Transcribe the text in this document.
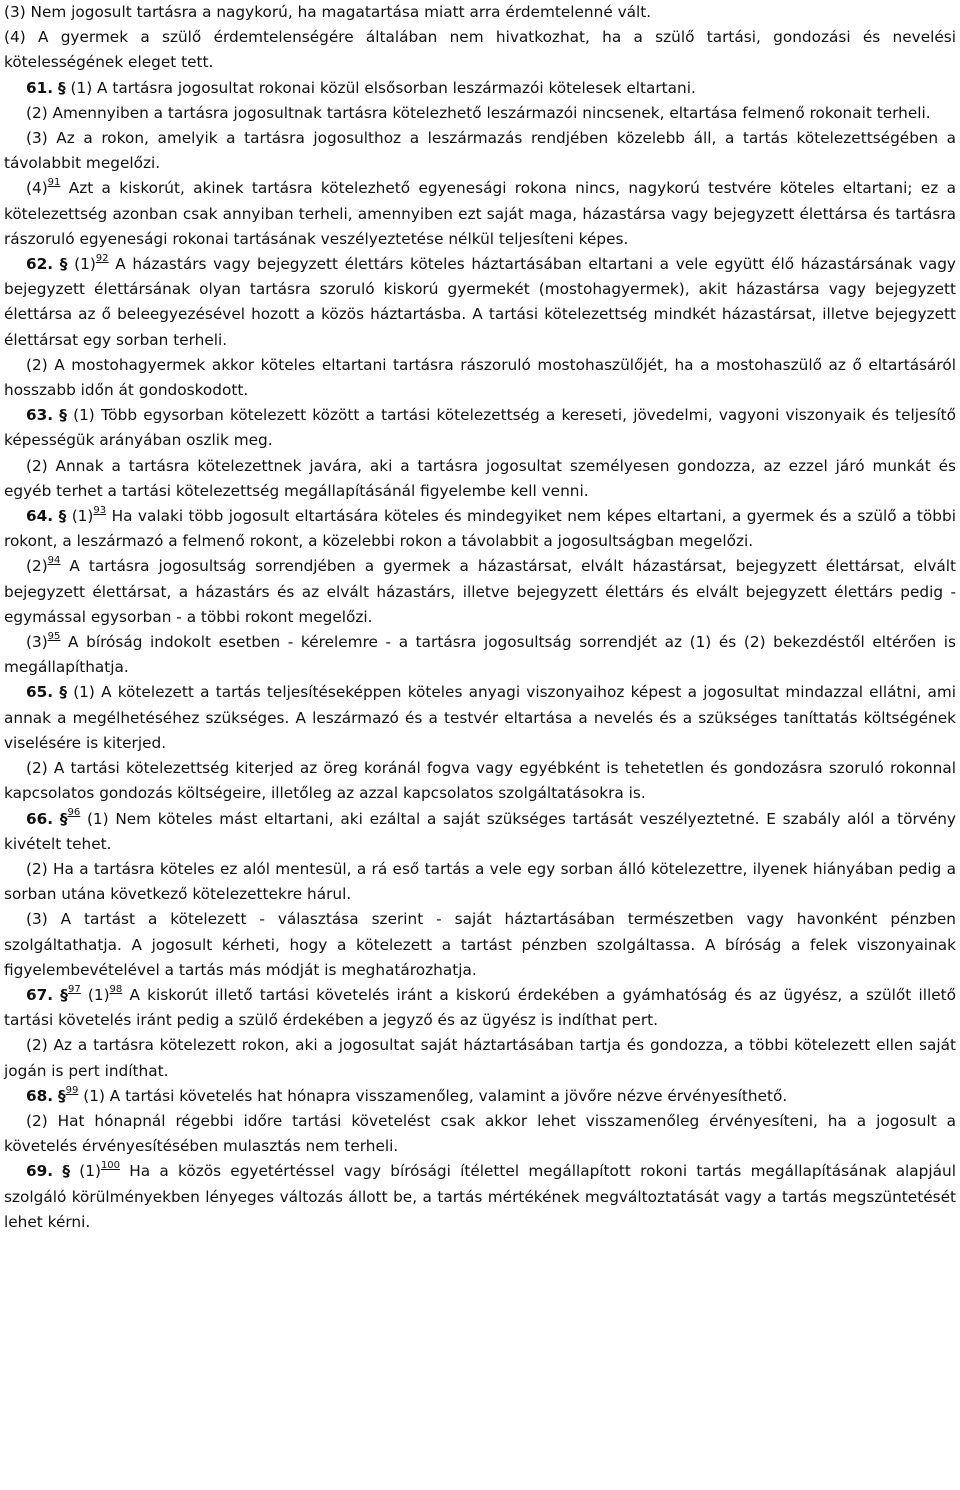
(3) Nem jogosult tartásra a nagykorú, ha magatartása miatt arra érdemtelenné vált.

(4) A gyermek a szülő érdemtelenségére általában nem hivatkozhat, ha a szülő tartási, gondozási és nevelési kötelességének eleget tett.

61. § (1) A tartásra jogosultat rokonai közül elsősorban leszármazói kötelesek eltartani.

(2) Amennyiben a tartásra jogosultnak tartásra kötelezhető leszármazói nincsenek, eltartása felmenő rokonait terheli.

(3) Az a rokon, amelyik a tartásra jogosulthoz a leszármazás rendjében közelebb áll, a tartás kötelezettségében a távolabbit megelőzi.

(4)$^{91}$ Azt a kiskorút, akinek tartásra kötelezhető egyenesági rokona nincs, nagykorú testvére köteles eltartani; ez a kötelezettség azonban csak annyiban terheli, amennyiben ezt saját maga, házastársa vagy bejegyzett élettársa és tartásra rászoruló egyenesági rokonai tartásának veszélyeztetése nélkül teljesíteni képes.

62. § (1)$^{92}$ A házastárs vagy bejegyzett élettárs köteles háztartásában eltartani a vele együtt élő házastársának vagy bejegyzett élettársának olyan tartásra szoruló kiskorú gyermekét (mostohagyermek), akit házastársa vagy bejegyzett élettársa az ő beleegyezésével hozott a közös háztartásba. A tartási kötelezettség mindkét házastársat, illetve bejegyzett élettársat egy sorban terheli.

(2) A mostohagyermek akkor köteles eltartani tartásra rászoruló mostohaszülőjét, ha a mostohaszülő az ő eltartásáról hosszabb időn át gondoskodott.

63. § (1) Több egysorban kötelezett között a tartási kötelezettség a kereseti, jövedelmi, vagyoni viszonyaik és teljesítő képességük arányában oszlik meg.

(2) Annak a tartásra kötelezettnek javára, aki a tartásra jogosultat személyesen gondozza, az ezzel járó munkát és egyéb terhet a tartási kötelezettség megállapításánál figyelembe kell venni.

64. § (1)$^{93}$ Ha valaki több jogosult eltartására köteles és mindegyiket nem képes eltartani, a gyermek és a szülő a többi rokont, a leszármazó a felmenő rokont, a közelebbi rokon a távolabbit a jogosultságban megelőzi.

(2)$^{94}$ A tartásra jogosultság sorrendjében a gyermek a házastársat, elvált házastársat, bejegyzett élettársat, elvált bejegyzett élettársat, a házastárs és az elvált házastárs, illetve bejegyzett élettárs és elvált bejegyzett élettárs pedig - egymással egysorban - a többi rokont megelőzi.

(3)$^{95}$ A bíróság indokolt esetben - kérelemre - a tartásra jogosultság sorrendjét az (1) és (2) bekezdéstől eltérően is megállapíthatja.

65. § (1) A kötelezett a tartás teljesítéseképpen köteles anyagi viszonyaihoz képest a jogosultat mindazzal ellátni, ami annak a megélhetéséhez szükséges. A leszármazó és a testvér eltartása a nevelés és a szükséges taníttatás költségének viselésére is kiterjed.

(2) A tartási kötelezettség kiterjed az öreg koránál fogva vagy egyébként is tehetetlen és gondozásra szoruló rokonnal kapcsolatos gondozás költségeire, illetőleg az azzal kapcsolatos szolgáltatásokra is.

66. §$^{96}$ (1) Nem köteles mást eltartani, aki ezáltal a saját szükséges tartását veszélyeztetné. E szabály alól a törvény kivételt tehet.

(2) Ha a tartásra köteles ez alól mentesül, a rá eső tartás a vele egy sorban álló kötelezettre, ilyenek hiányában pedig a sorban utána következő kötelezettekre hárul.

(3) A tartást a kötelezett - választása szerint - saját háztartásában természetben vagy havonként pénzben szolgáltathatja. A jogosult kérheti, hogy a kötelezett a tartást pénzben szolgáltassa. A bíróság a felek viszonyainak figyelembevételével a tartás más módját is meghatározhatja.

67. §$^{97}$ (1)$^{98}$ A kiskorút illető tartási követelés iránt a kiskorú érdekében a gyámhatóság és az ügyész, a szülőt illető tartási követelés iránt pedig a szülő érdekében a jegyző és az ügyész is indíthat pert.

(2) Az a tartásra kötelezett rokon, aki a jogosultat saját háztartásában tartja és gondozza, a többi kötelezett ellen saját jogán is pert indíthat.

68. §$^{99}$ (1) A tartási követelés hat hónapra visszamenőleg, valamint a jövőre nézve érvényesíthető.

(2) Hat hónapnál régebbi időre tartási követelést csak akkor lehet visszamenőleg érvényesíteni, ha a jogosult a követelés érvényesítésében mulasztás nem terheli.

69. § (1)$^{100}$ Ha a közös egyetértéssel vagy bírósági ítélettel megállapított rokoni tartás megállapításának alapjául szolgáló körülményekben lényeges változás állott be, a tartás mértékének megváltoztatását vagy a tartás megszüntetését lehet kérni.
